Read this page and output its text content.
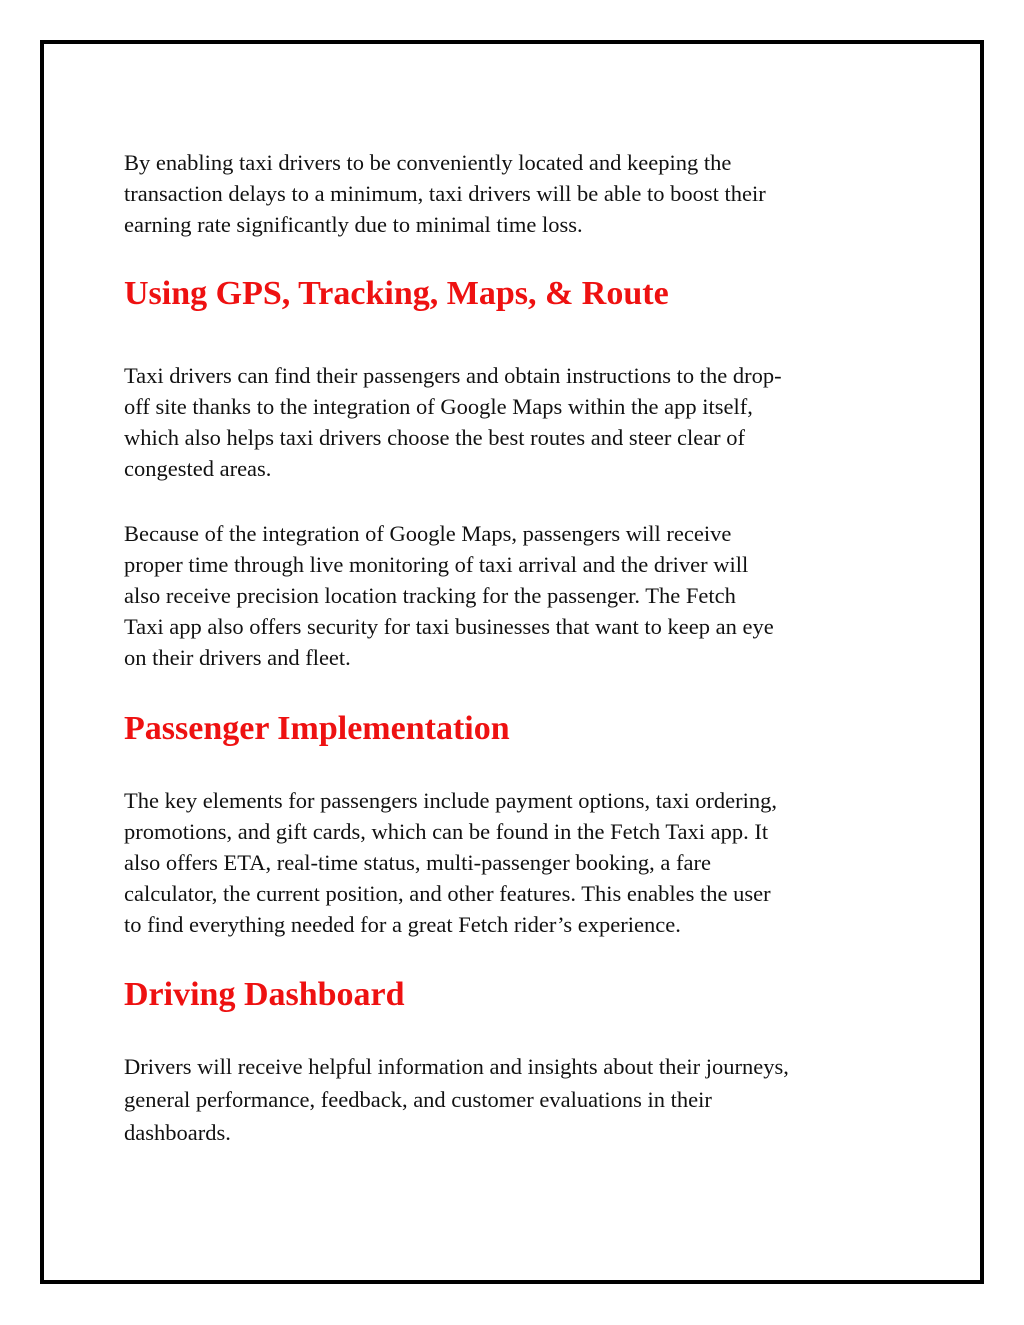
By enabling taxi drivers to be conveniently located and keeping the
transaction delays to a minimum, taxi drivers will be able to boost their
earning rate significantly due to minimal time loss.

Using GPS, Tracking, Maps, & Route

Taxi drivers can find their passengers and obtain instructions to the drop-
off site thanks to the integration of Google Maps within the app itself,
which also helps taxi drivers choose the best routes and steer clear of
congested areas.

Because of the integration of Google Maps, passengers will receive
proper time through live monitoring of taxi arrival and the driver will
also receive precision location tracking for the passenger. The Fetch
Taxi app also offers security for taxi businesses that want to keep an eye
on their drivers and fleet.

Passenger Implementation

The key elements for passengers include payment options, taxi ordering,
promotions, and gift cards, which can be found in the Fetch Taxi app. It
also offers ETA, real-time status, multi-passenger booking, a fare
calculator, the current position, and other features. This enables the user
to find everything needed for a great Fetch rider’s experience.

Driving Dashboard

Drivers will receive helpful information and insights about their journeys,
general performance, feedback, and customer evaluations in their
dashboards.
